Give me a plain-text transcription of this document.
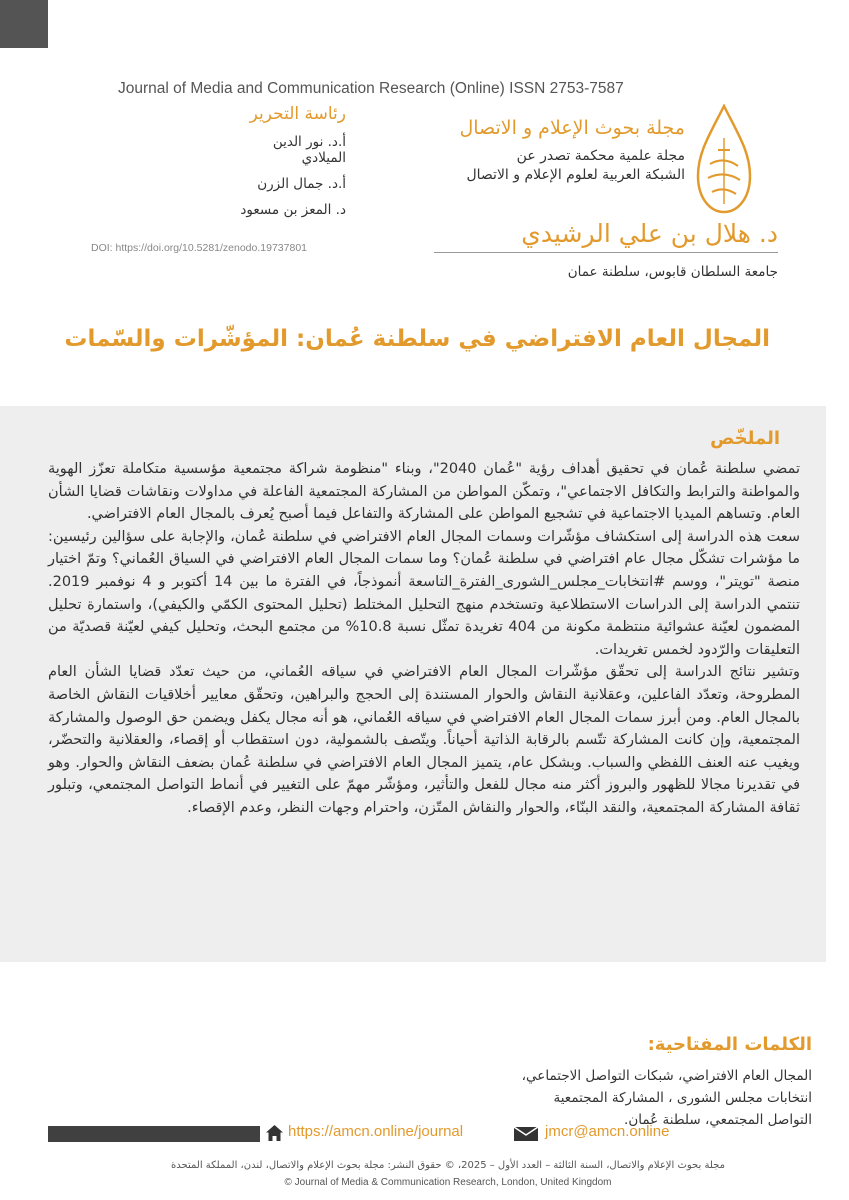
Journal of Media and Communication Research (Online) ISSN 2753-7587
رئاسة التحرير
أ.د. نور الدين الميلادي
أ.د. جمال الزرن
د. المعز بن مسعود
DOI: https://doi.org/10.5281/zenodo.19737801
مجلة بحوث الإعلام و الاتصال
مجلة علمية محكمة تصدر عن
الشبكة العربية لعلوم الإعلام و الاتصال
د. هلال بن علي الرشيدي
جامعة السلطان قابوس، سلطنة عمان
المجال العام الافتراضي في سلطنة عُمان: المؤشّرات والسّمات
الملخّص

تمضي سلطنة عُمان في تحقيق أهداف رؤية "عُمان 2040"، وبناء "منظومة شراكة مجتمعية مؤسسية متكاملة تعزّز الهوية والمواطنة والترابط والتكافل الاجتماعي"، وتمكّن المواطن من المشاركة المجتمعية الفاعلة في مداولات ونقاشات قضايا الشأن العام. وتساهم الميديا الاجتماعية في تشجيع المواطن على المشاركة والتفاعل فيما أصبح يُعرف بالمجال العام الافتراضي.

سعت هذه الدراسة إلى استكشاف مؤشّرات وسمات المجال العام الافتراضي في سلطنة عُمان، والإجابة على سؤالين رئيسين: ما مؤشرات تشكّل مجال عام افتراضي في سلطنة عُمان؟ وما سمات المجال العام الافتراضي في السياق العُماني؟ وتمّ اختيار منصة "تويتر"، ووسم #انتخابات_مجلس_الشورى_الفترة_التاسعة أنموذجاً، في الفترة ما بين 14 أكتوبر و 4 نوفمبر 2019. تنتمي الدراسة إلى الدراسات الاستطلاعية وتستخدم منهج التحليل المختلط (تحليل المحتوى الكمّي والكيفي)، واستمارة تحليل المضمون لعيّنة عشوائية منتظمة مكونة من 404 تغريدة تمثّل نسبة 10.8% من مجتمع البحث، وتحليل كيفي لعيّنة قصديّة من التعليقات والرّدود لخمس تغريدات.

وتشير نتائج الدراسة إلى تحقّق مؤشّرات المجال العام الافتراضي في سياقه العُماني، من حيث تعدّد قضايا الشأن العام المطروحة، وتعدّد الفاعلين، وعقلانية النقاش والحوار المستندة إلى الحجج والبراهين، وتحقّق معايير أخلاقيات النقاش الخاصة بالمجال العام. ومن أبرز سمات المجال العام الافتراضي في سياقه العُماني، هو أنه مجال يكفل ويضمن حق الوصول والمشاركة المجتمعية، وإن كانت المشاركة تتّسم بالرقابة الذاتية أحياناً. ويتّصف بالشمولية، دون استقطاب أو إقصاء، والعقلانية والتحضّر، ويغيب عنه العنف اللفظي والسباب. وبشكل عام، يتميز المجال العام الافتراضي في سلطنة عُمان بضعف النقاش والحوار. وهو في تقديرنا مجالا للظهور والبروز أكثر منه مجال للفعل والتأثير، ومؤشّر مهمّ على التغيير في أنماط التواصل المجتمعي، وتبلور ثقافة المشاركة المجتمعية، والنقد البنّاء، والحوار والنقاش المتّزن، واحترام وجهات النظر، وعدم الإقصاء.

الكلمات المفتاحية:

المجال العام الافتراضي، شبكات التواصل الاجتماعي، انتخابات مجلس الشورى ، المشاركة المجتمعية

التواصل المجتمعي، سلطنة عُمان.

https://amcn.online/journal	jmcr@amcn.online
مجلة بحوث الإعلام والاتصال، السنة الثالثة – العدد الأول – 2025، © حقوق النشر: مجلة بحوث الإعلام والاتصال، لندن، المملكة المتحدة
© Journal of Media & Communication Research, London, United Kingdom
